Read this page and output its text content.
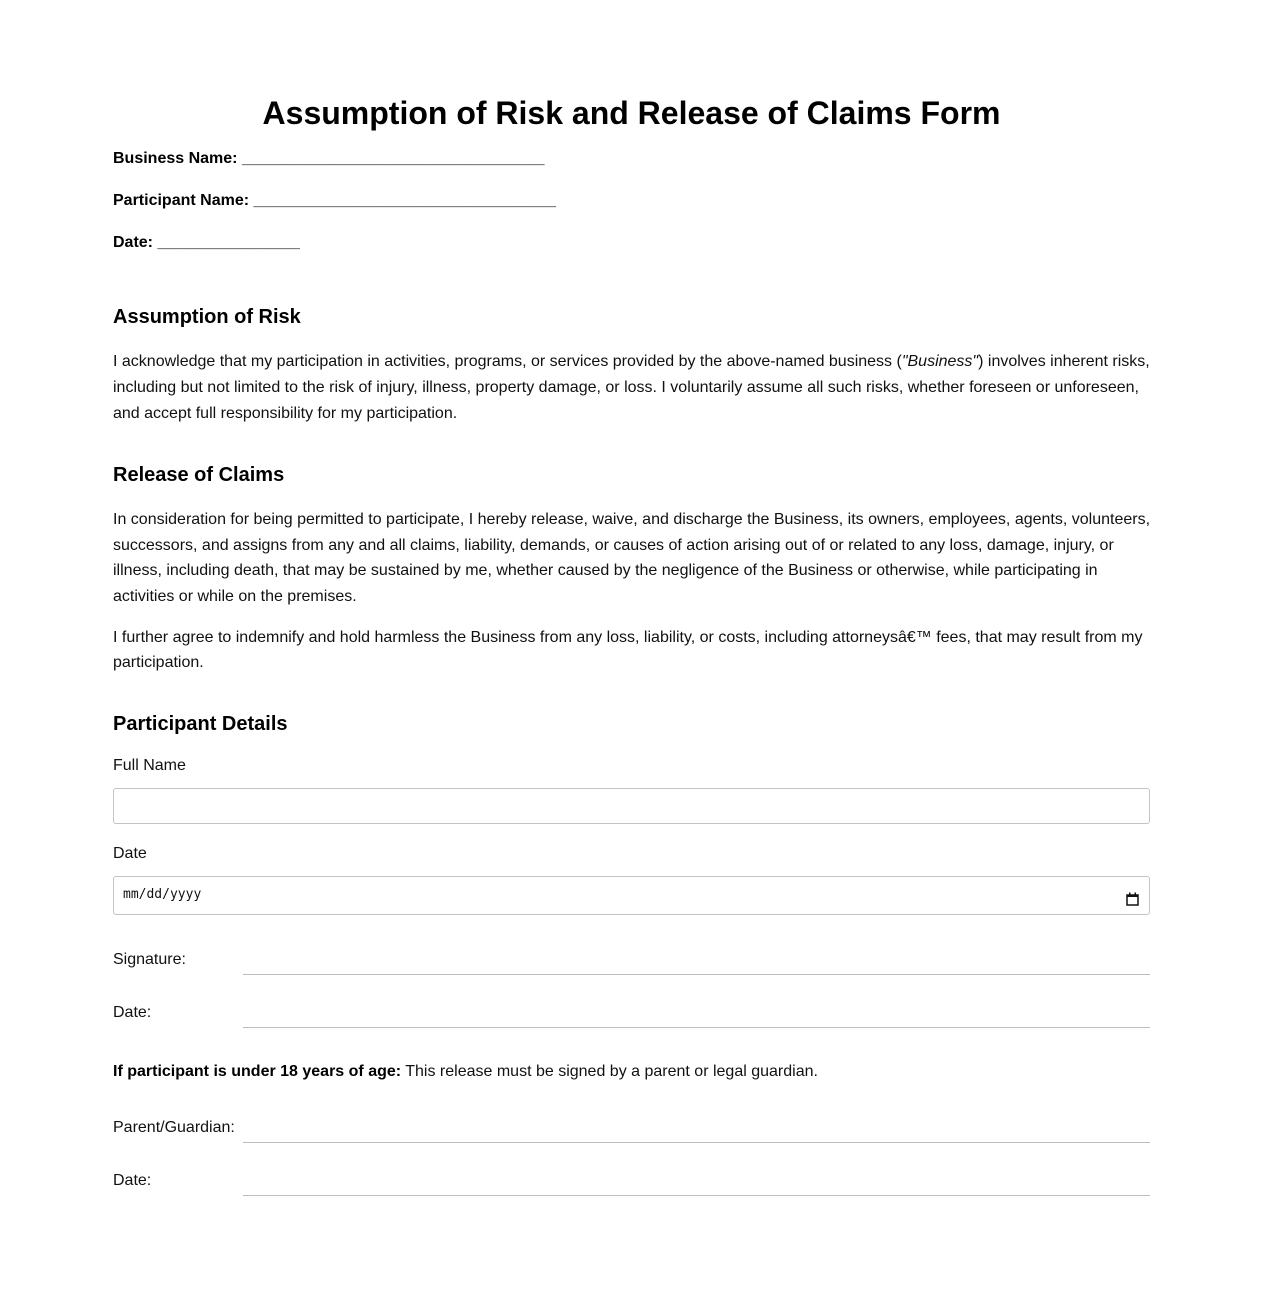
Assumption of Risk and Release of Claims Form
Business Name: __________________________________
Participant Name: __________________________________
Date: ________________
Assumption of Risk

I acknowledge that my participation in activities, programs, or services provided by the above-named business ("Business") involves inherent risks, including but not limited to the risk of injury, illness, property damage, or loss. I voluntarily assume all such risks, whether foreseen or unforeseen, and accept full responsibility for my participation.

Release of Claims

In consideration for being permitted to participate, I hereby release, waive, and discharge the Business, its owners, employees, agents, volunteers, successors, and assigns from any and all claims, liability, demands, or causes of action arising out of or related to any loss, damage, injury, or illness, including death, that may be sustained by me, whether caused by the negligence of the Business or otherwise, while participating in activities or while on the premises.

I further agree to indemnify and hold harmless the Business from any loss, liability, or costs, including attorneysâ€™ fees, that may result from my participation.

Participant Details
Full Name
Date
mm/dd/yyyy
Signature:
Date:
If participant is under 18 years of age: This release must be signed by a parent or legal guardian.
Parent/Guardian:
Date:
